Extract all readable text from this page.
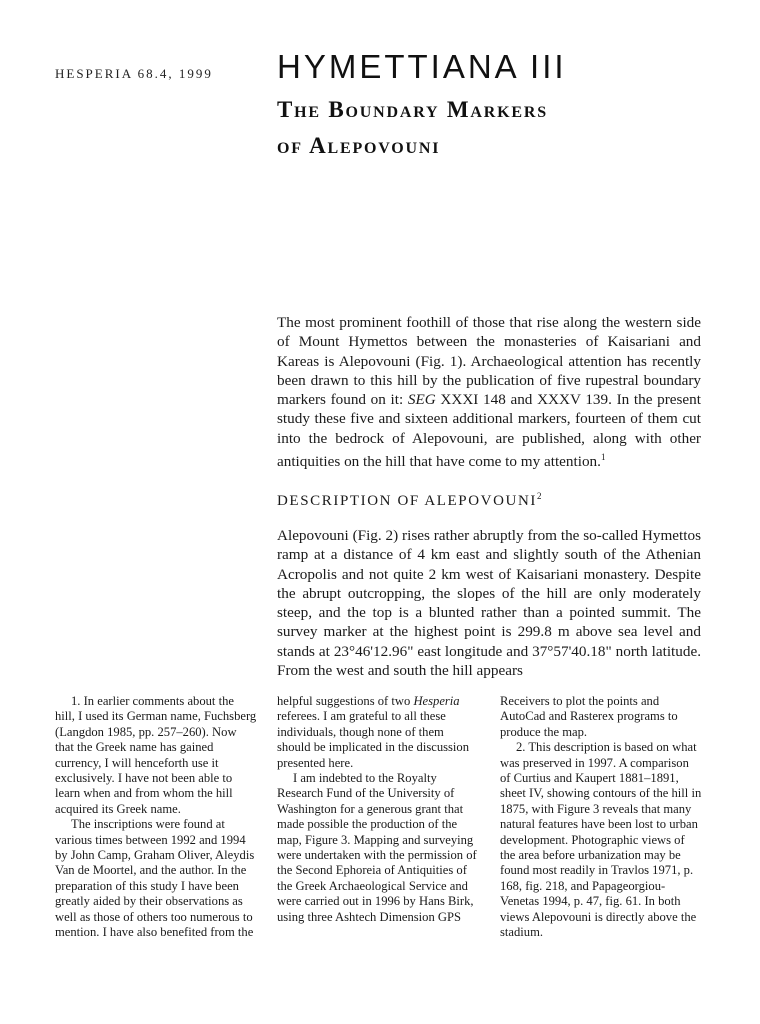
HESPERIA 68.4, 1999 HYMETTIANA III
The Boundary Markers
of Alepovouni

The most prominent foothill of those that rise along the western side of Mount Hymettos between the monasteries of Kaisariani and Kareas is Alepovouni (Fig. 1). Archaeological attention has recently been drawn to this hill by the publication of five rupestral boundary markers found on it: SEG XXXI 148 and XXXV 139. In the present study these five and sixteen additional markers, fourteen of them cut into the bedrock of Alepovouni, are published, along with other antiquities on the hill that have come to my attention.$^1$

DESCRIPTION OF ALEPOVOUNI$^2$

Alepovouni (Fig. 2) rises rather abruptly from the so-called Hymettos ramp at a distance of 4 km east and slightly south of the Athenian Acropolis and not quite 2 km west of Kaisariani monastery. Despite the abrupt outcropping, the slopes of the hill are only moderately steep, and the top is a blunted rather than a pointed summit. The survey marker at the highest point is 299.8 m above sea level and stands at 23°46'12.96" east longitude and 37°57'40.18" north latitude. From the west and south the hill appears

1. In earlier comments about the hill, I used its German name, Fuchsberg (Langdon 1985, pp. 257–260). Now that the Greek name has gained currency, I will henceforth use it exclusively. I have not been able to learn when and from whom the hill acquired its Greek name.

The inscriptions were found at various times between 1992 and 1994 by John Camp, Graham Oliver, Aleydis Van de Moortel, and the author. In the preparation of this study I have been greatly aided by their observations as well as those of others too numerous to mention. I have also benefited from the

helpful suggestions of two Hesperia referees. I am grateful to all these individuals, though none of them should be implicated in the discussion presented here.

I am indebted to the Royalty Research Fund of the University of Washington for a generous grant that made possible the production of the map, Figure 3. Mapping and surveying were undertaken with the permission of the Second Ephoreia of Antiquities of the Greek Archaeological Service and were carried out in 1996 by Hans Birk, using three Ashtech Dimension GPS

Receivers to plot the points and AutoCad and Rasterex programs to produce the map.

2. This description is based on what was preserved in 1997. A comparison of Curtius and Kaupert 1881–1891, sheet IV, showing contours of the hill in 1875, with Figure 3 reveals that many natural features have been lost to urban development. Photographic views of the area before urbanization may be found most readily in Travlos 1971, p. 168, fig. 218, and Papageorgiou-Venetas 1994, p. 47, fig. 61. In both views Alepovouni is directly above the stadium.
